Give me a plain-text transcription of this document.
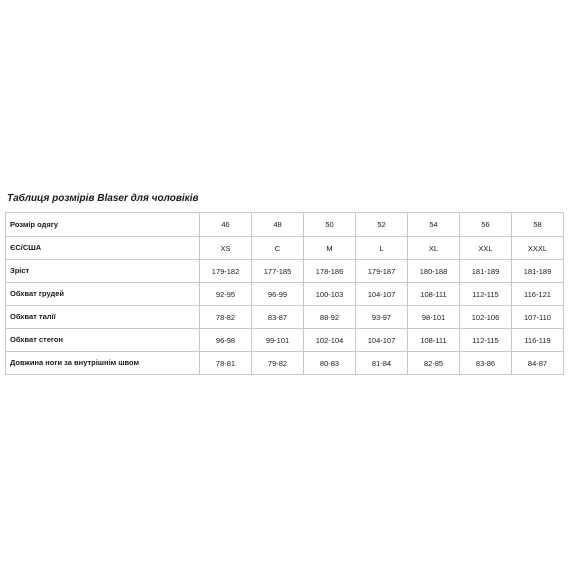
Таблиця розмірів Blaser для чоловіків
Розмір одягу	46	48	50	52	54	56	58
ЄС/США	XS	C	M	L	XL	XXL	XXXL
Зріст	179-182	177-185	178-186	179-187	180-188	181-189	181-189
Обхват грудей	92-95	96-99	100-103	104-107	108-111	112-115	116-121
Обхват талії	78-82	83-87	88-92	93-97	98-101	102-106	107-110
Обхват стегон	96-98	99-101	102-104	104-107	108-111	112-115	116-119
Довжина ноги за внутрішнім швом	78-81	79-82	80-83	81-84	82-85	83-86	84-87
